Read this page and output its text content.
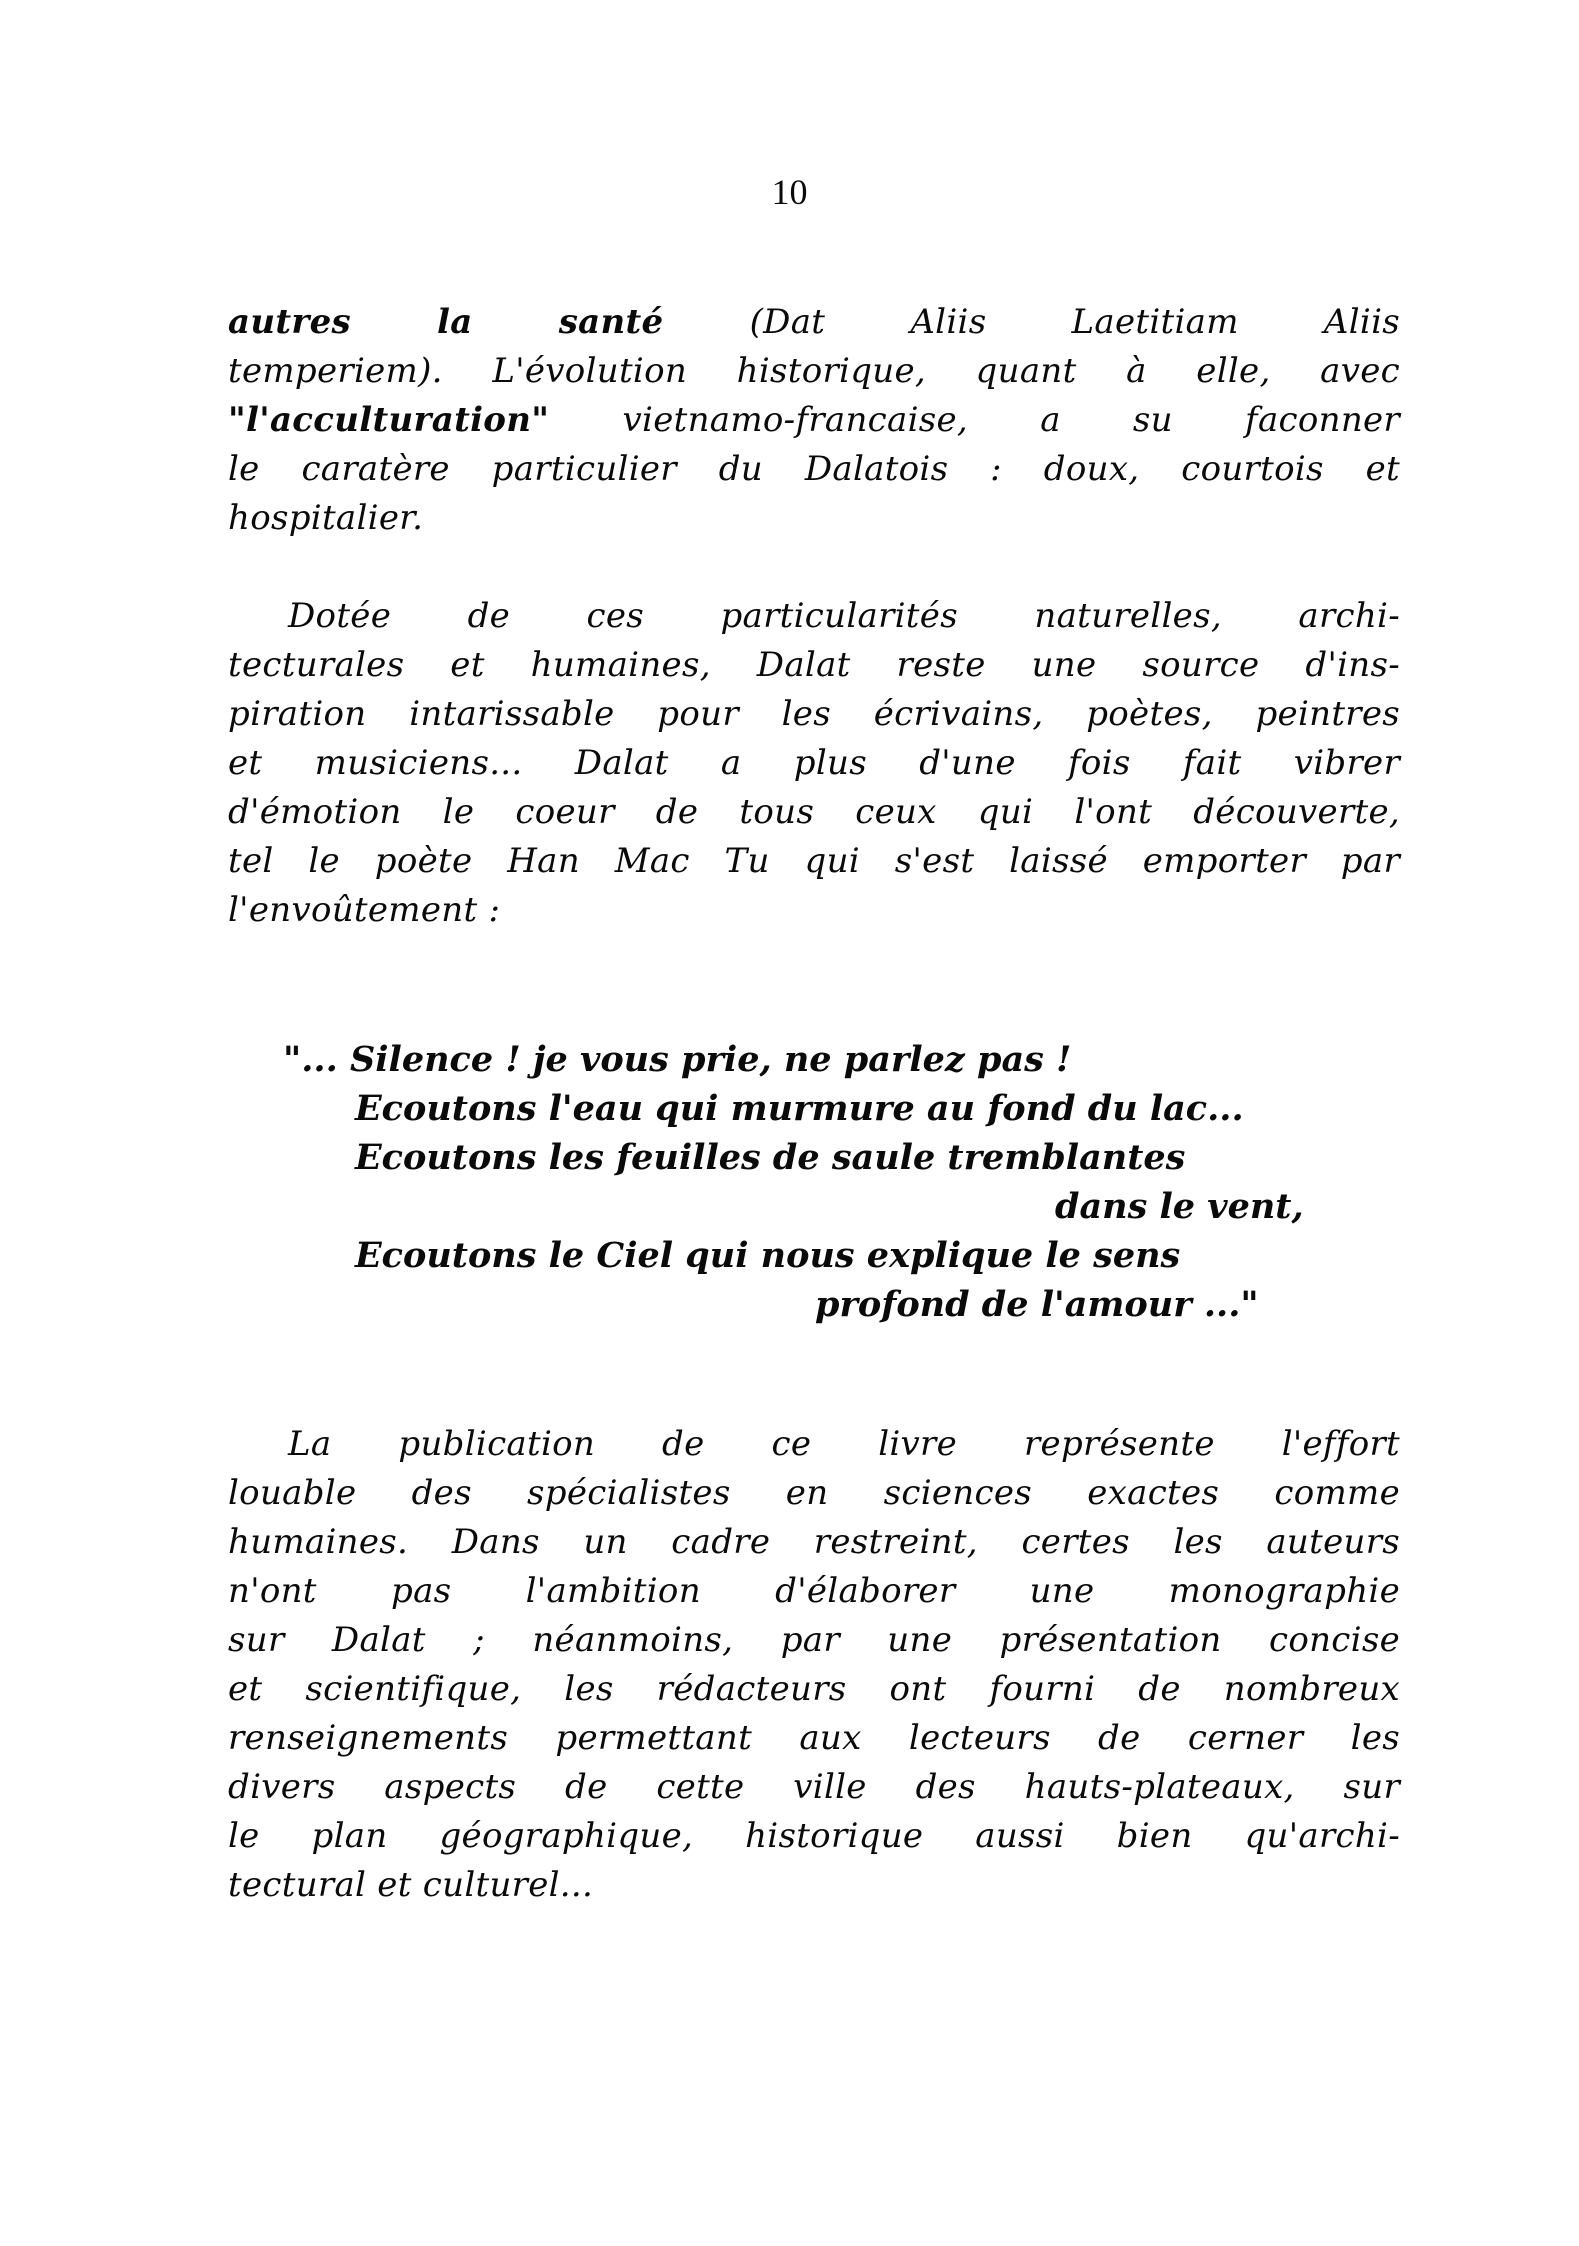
10
autres la santé (Dat Aliis Laetitiam Aliis
temperiem). L'évolution historique, quant à elle, avec
"l'acculturation" vietnamo-francaise, a su faconner
le caratère particulier du Dalatois : doux, courtois et
hospitalier.
Dotée de ces particularités naturelles, archi-
tecturales et humaines, Dalat reste une source d'ins-
piration intarissable pour les écrivains, poètes, peintres
et musiciens... Dalat a plus d'une fois fait vibrer
d'émotion le coeur de tous ceux qui l'ont découverte,
tel le poète Han Mac Tu qui s'est laissé emporter par
l'envoûtement :
"... Silence ! je vous prie, ne parlez pas !
Ecoutons l'eau qui murmure au fond du lac...
Ecoutons les feuilles de saule tremblantes
dans le vent,
Ecoutons le Ciel qui nous explique le sens
profond de l'amour ..."
La publication de ce livre représente l'effort
louable des spécialistes en sciences exactes comme
humaines. Dans un cadre restreint, certes les auteurs
n'ont pas l'ambition d'élaborer une monographie
sur Dalat ; néanmoins, par une présentation concise
et scientifique, les rédacteurs ont fourni de nombreux
renseignements permettant aux lecteurs de cerner les
divers aspects de cette ville des hauts-plateaux, sur
le plan géographique, historique aussi bien qu'archi-
tectural et culturel...
